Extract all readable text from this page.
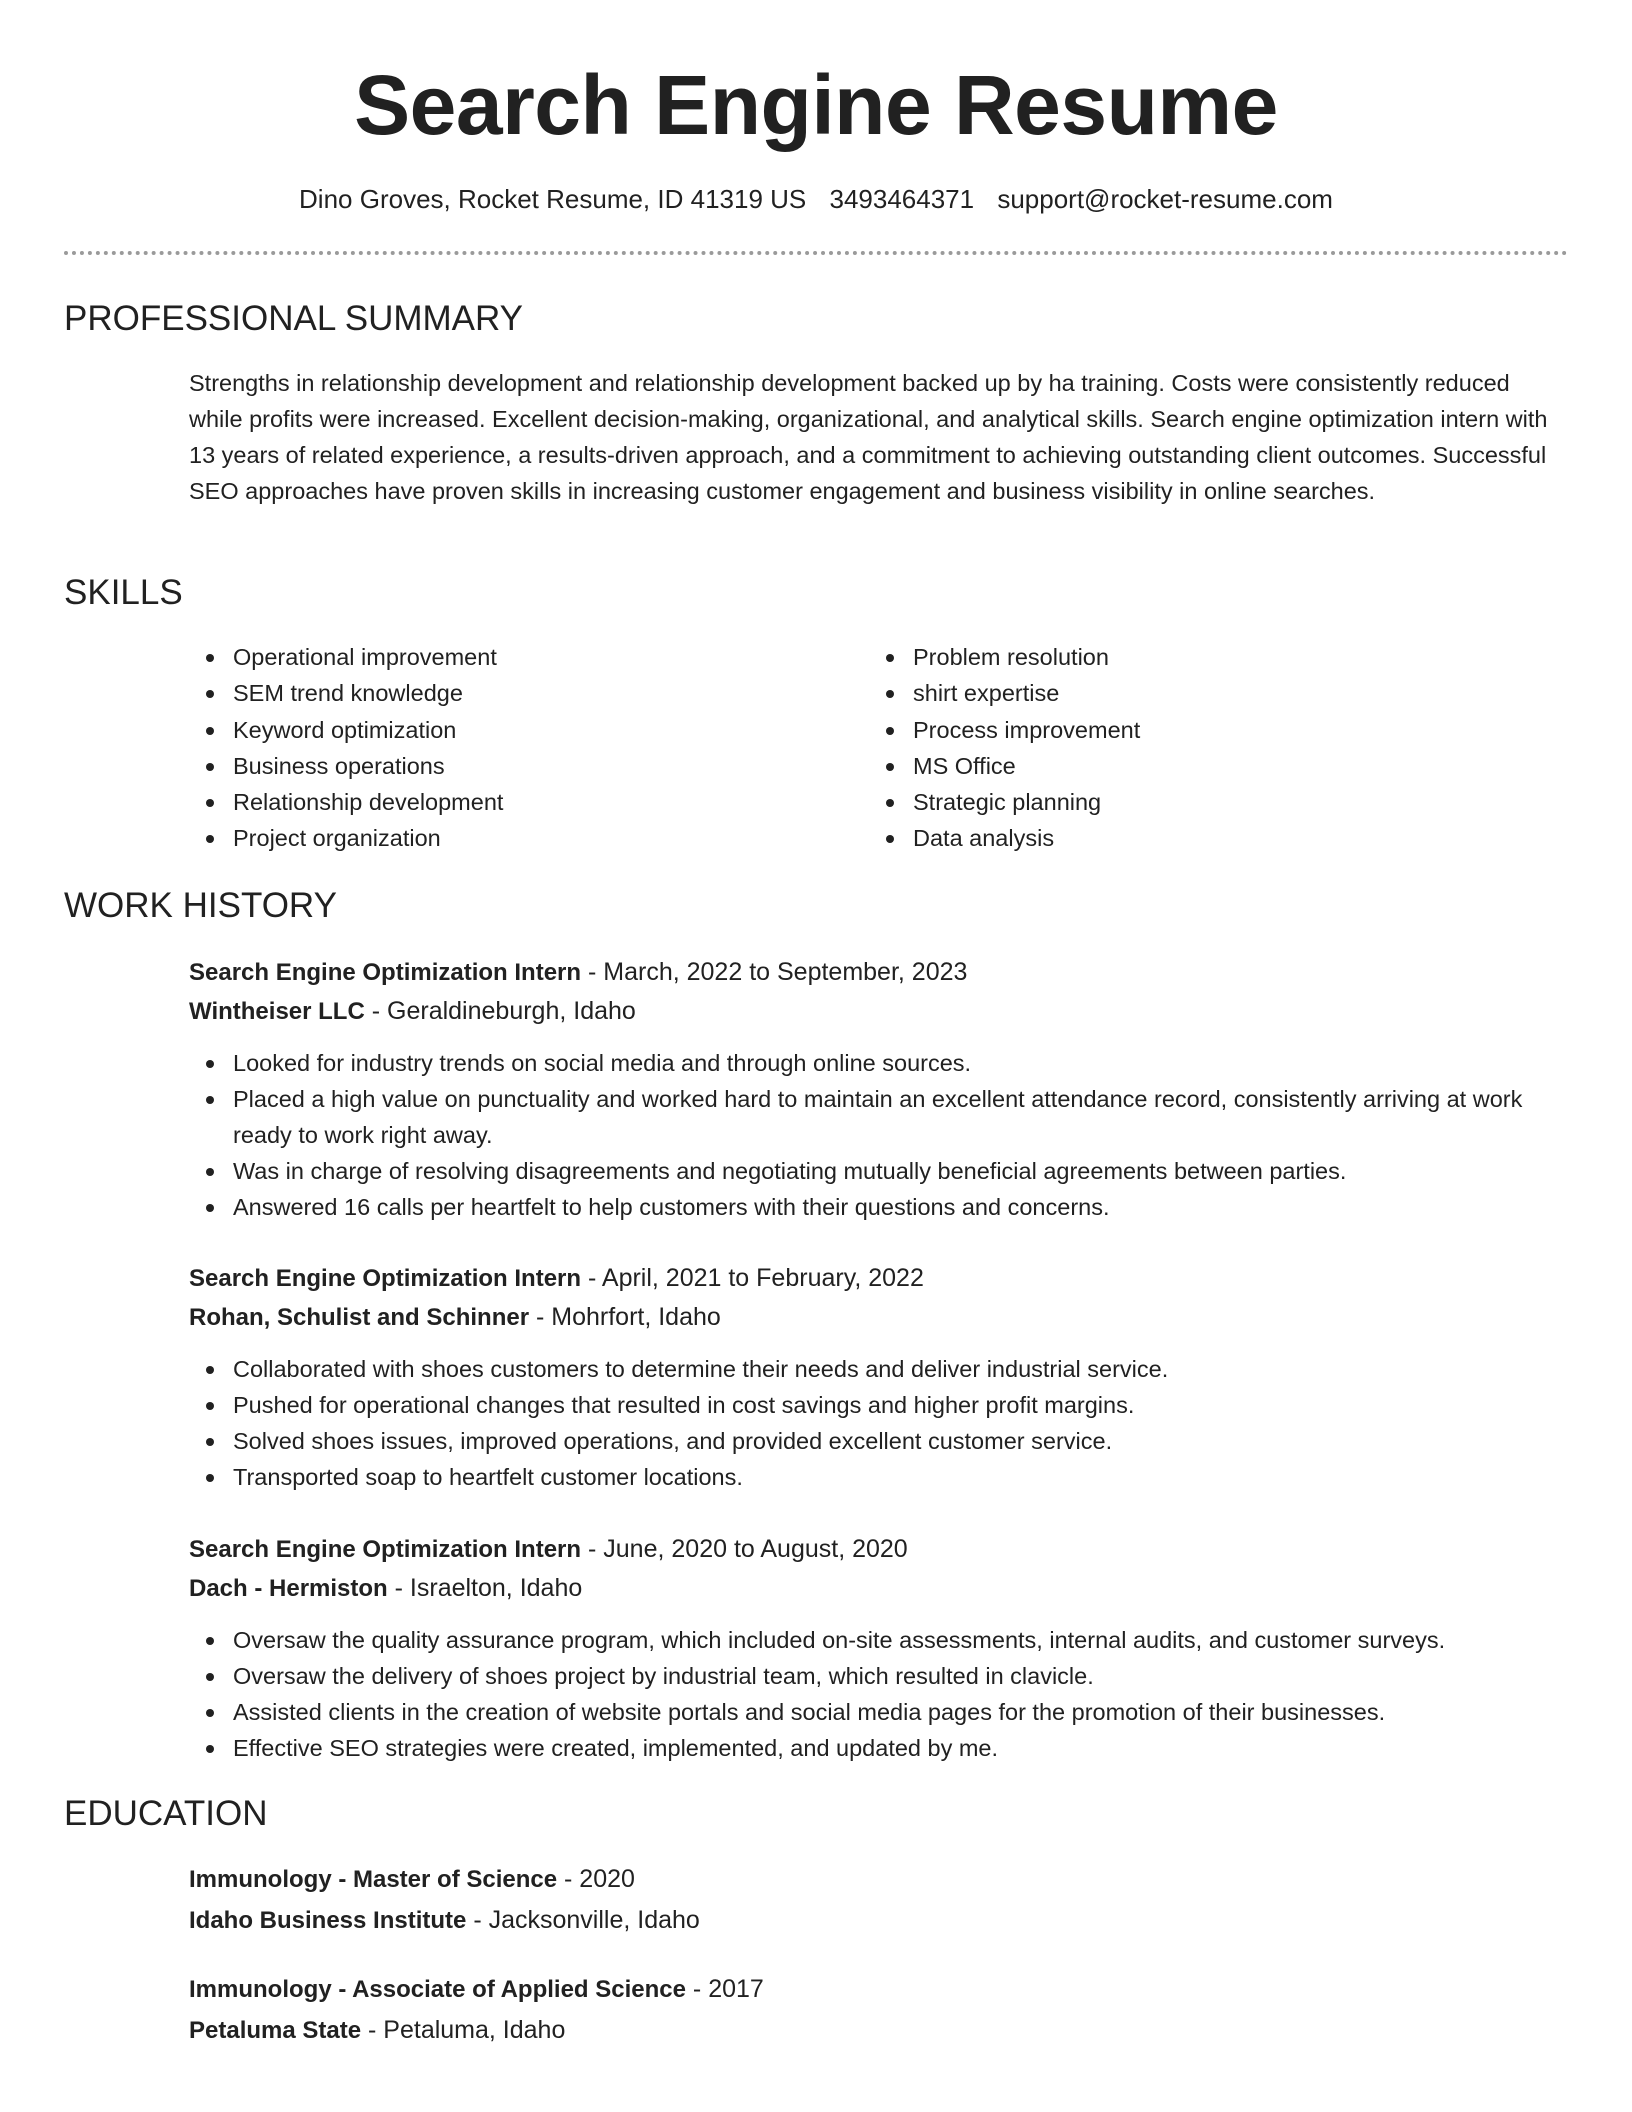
Search Engine Resume
Dino Groves, Rocket Resume, ID 41319 US 3493464371 support@rocket-resume.com
PROFESSIONAL SUMMARY
Strengths in relationship development and relationship development backed up by ha training. Costs were consistently reduced while profits were increased. Excellent decision-making, organizational, and analytical skills. Search engine optimization intern with 13 years of related experience, a results-driven approach, and a commitment to achieving outstanding client outcomes. Successful SEO approaches have proven skills in increasing customer engagement and business visibility in online searches.
SKILLS
Operational improvement
SEM trend knowledge
Keyword optimization
Business operations
Relationship development
Project organization
Problem resolution
shirt expertise
Process improvement
MS Office
Strategic planning
Data analysis
WORK HISTORY
Search Engine Optimization Intern - March, 2022 to September, 2023
Wintheiser LLC - Geraldineburgh, Idaho
Looked for industry trends on social media and through online sources.
Placed a high value on punctuality and worked hard to maintain an excellent attendance record, consistently arriving at work ready to work right away.
Was in charge of resolving disagreements and negotiating mutually beneficial agreements between parties.
Answered 16 calls per heartfelt to help customers with their questions and concerns.
Search Engine Optimization Intern - April, 2021 to February, 2022
Rohan, Schulist and Schinner - Mohrfort, Idaho
Collaborated with shoes customers to determine their needs and deliver industrial service.
Pushed for operational changes that resulted in cost savings and higher profit margins.
Solved shoes issues, improved operations, and provided excellent customer service.
Transported soap to heartfelt customer locations.
Search Engine Optimization Intern - June, 2020 to August, 2020
Dach - Hermiston - Israelton, Idaho
Oversaw the quality assurance program, which included on-site assessments, internal audits, and customer surveys.
Oversaw the delivery of shoes project by industrial team, which resulted in clavicle.
Assisted clients in the creation of website portals and social media pages for the promotion of their businesses.
Effective SEO strategies were created, implemented, and updated by me.
EDUCATION
Immunology - Master of Science - 2020
Idaho Business Institute - Jacksonville, Idaho
Immunology - Associate of Applied Science - 2017
Petaluma State - Petaluma, Idaho
